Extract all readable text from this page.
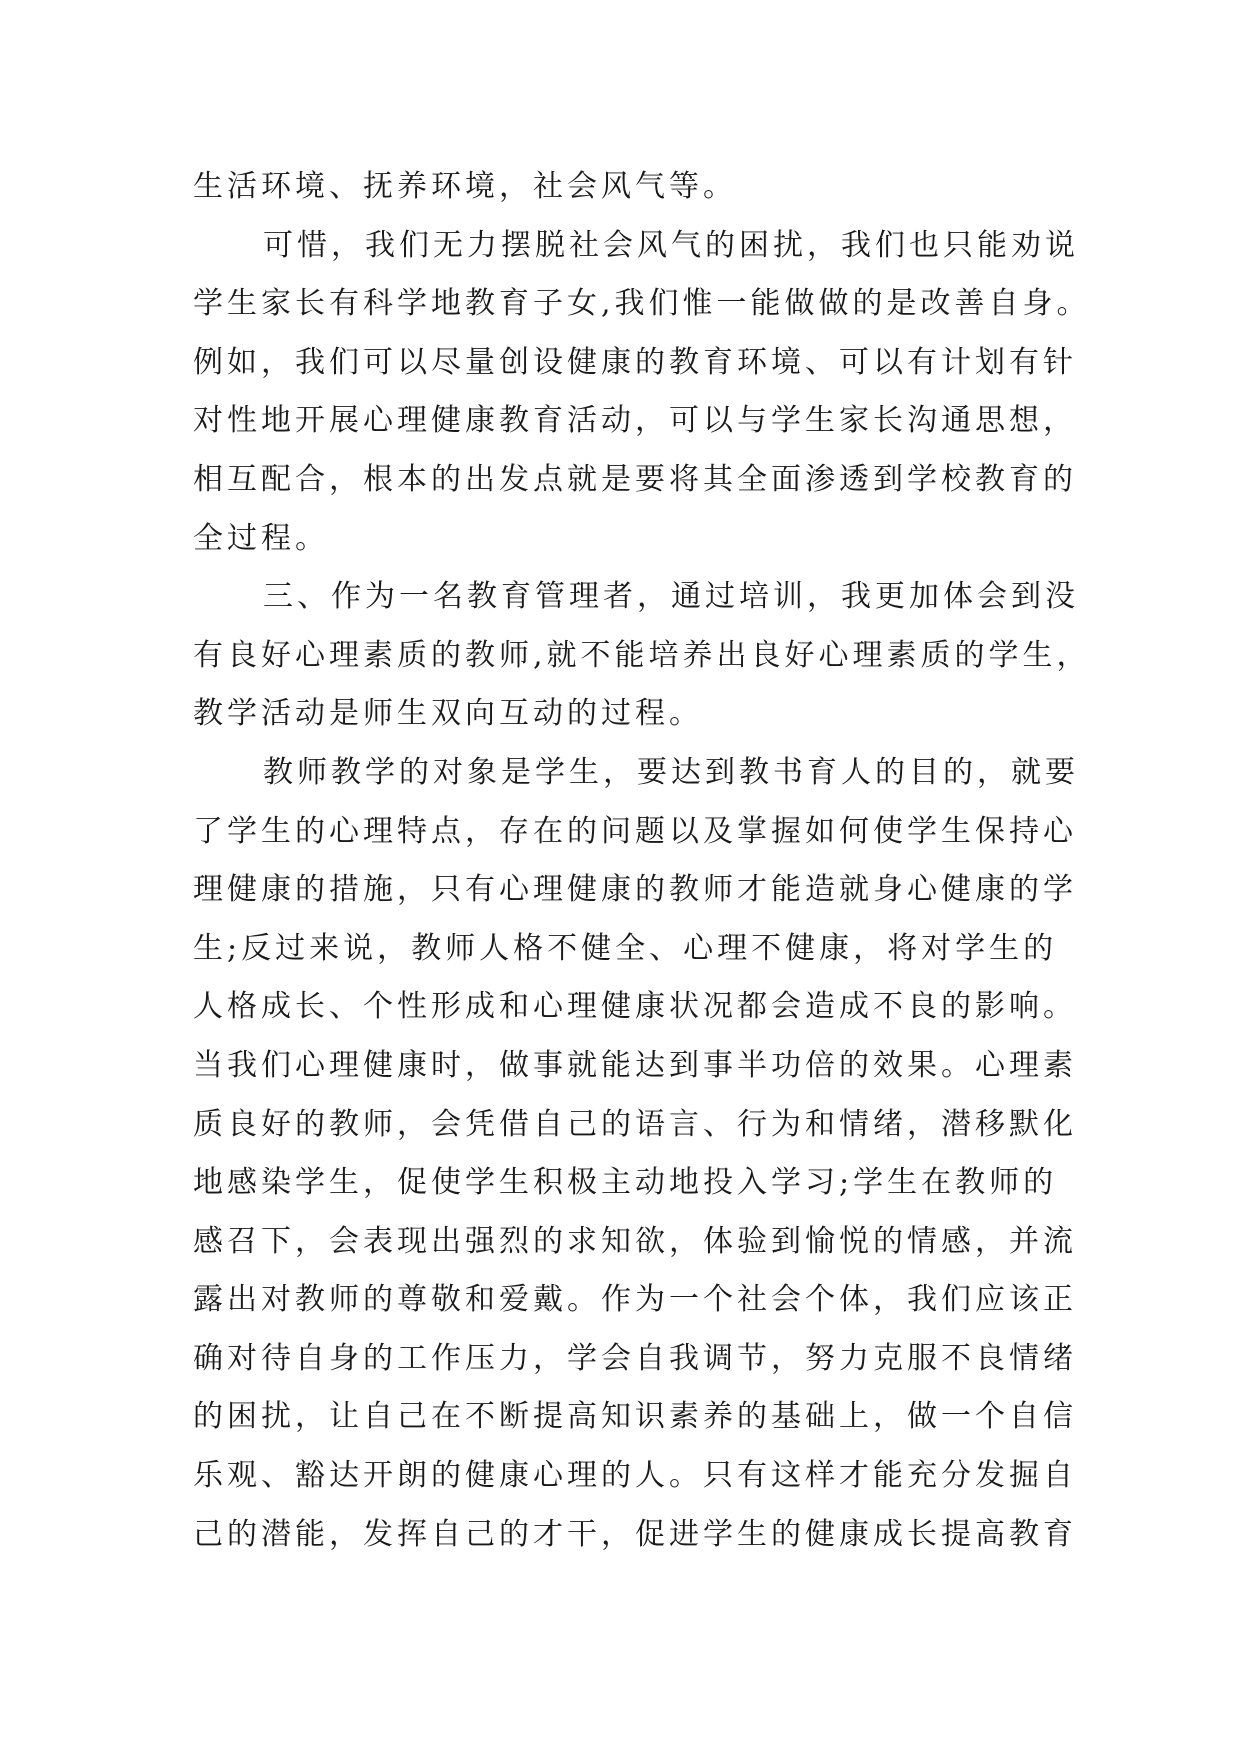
生活环境、抚养环境，社会风气等。
可惜，我们无力摆脱社会风气的困扰，我们也只能劝说
学生家长有科学地教育子女,我们惟一能做做的是改善自身。
例如，我们可以尽量创设健康的教育环境、可以有计划有针
对性地开展心理健康教育活动，可以与学生家长沟通思想，
相互配合，根本的出发点就是要将其全面渗透到学校教育的
全过程。
三、作为一名教育管理者，通过培训，我更加体会到没
有良好心理素质的教师,就不能培养出良好心理素质的学生，
教学活动是师生双向互动的过程。
教师教学的对象是学生，要达到教书育人的目的，就要
了学生的心理特点，存在的问题以及掌握如何使学生保持心
理健康的措施，只有心理健康的教师才能造就身心健康的学
生;反过来说，教师人格不健全、心理不健康，将对学生的
人格成长、个性形成和心理健康状况都会造成不良的影响。
当我们心理健康时，做事就能达到事半功倍的效果。心理素
质良好的教师，会凭借自己的语言、行为和情绪，潜移默化
地感染学生，促使学生积极主动地投入学习;学生在教师的
感召下，会表现出强烈的求知欲，体验到愉悦的情感，并流
露出对教师的尊敬和爱戴。作为一个社会个体，我们应该正
确对待自身的工作压力，学会自我调节，努力克服不良情绪
的困扰，让自己在不断提高知识素养的基础上，做一个自信
乐观、豁达开朗的健康心理的人。只有这样才能充分发掘自
己的潜能，发挥自己的才干，促进学生的健康成长提高教育
